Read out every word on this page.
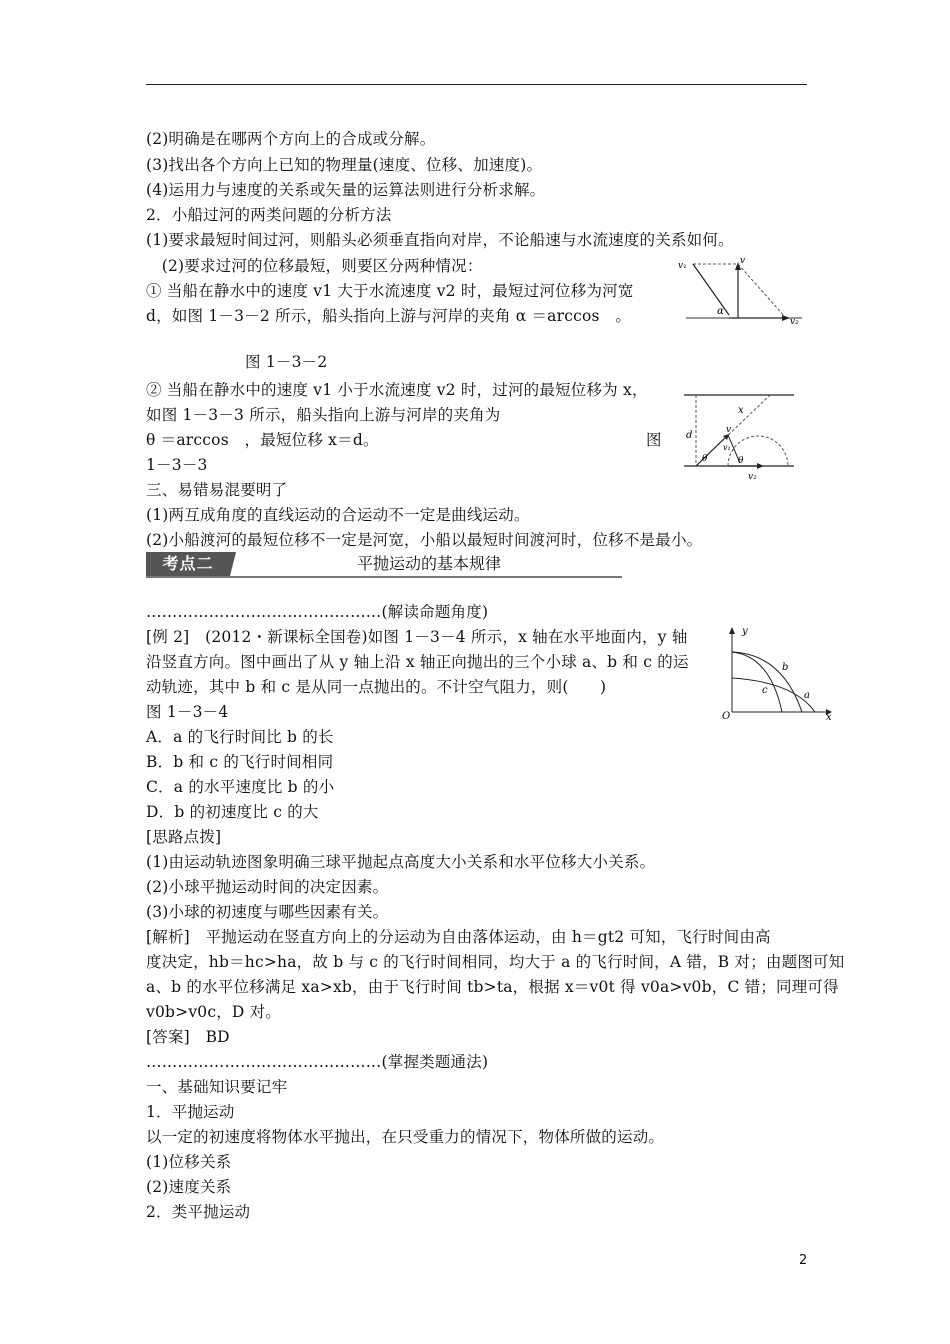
(2)明确是在哪两个方向上的合成或分解。
(3)找出各个方向上已知的物理量(速度、位移、加速度)。
(4)运用力与速度的关系或矢量的运算法则进行分析求解。
2．小船过河的两类问题的分析方法
(1)要求最短时间过河，则船头必须垂直指向对岸，不论船速与水流速度的关系如何。
　(2)要求过河的位移最短，则要区分两种情况：
① 当船在静水中的速度 v1 大于水流速度 v2 时，最短过河位移为河宽
d，如图 1－3－2 所示，船头指向上游与河岸的夹角 α ＝arccos　。
图 1－3－2
② 当船在静水中的速度 v1 小于水流速度 v2 时，过河的最短位移为 x，
如图 1－3－3 所示，船头指向上游与河岸的夹角为
θ ＝arccos　，最短位移 x＝d。	图
1－3－3
三、易错易混要明了
(1)两互成角度的直线运动的合运动不一定是曲线运动。
(2)小船渡河的最短位移不一定是河宽，小船以最短时间渡河时，位移不是最小。
考点二	平抛运动的基本规律
………………………………………(解读命题角度)
[例 2]　(2012・新课标全国卷)如图 1－3－4 所示，x 轴在水平地面内，y 轴
沿竖直方向。图中画出了从 y 轴上沿 x 轴正向抛出的三个小球 a、b 和 c 的运
动轨迹，其中 b 和 c 是从同一点抛出的。不计空气阻力，则(　　)
图 1－3－4
A．a 的飞行时间比 b 的长
B．b 和 c 的飞行时间相同
C．a 的水平速度比 b 的小
D．b 的初速度比 c 的大
[思路点拨]
(1)由运动轨迹图象明确三球平抛起点高度大小关系和水平位移大小关系。
(2)小球平抛运动时间的决定因素。
(3)小球的初速度与哪些因素有关。
[解析]　平抛运动在竖直方向上的分运动为自由落体运动，由 h＝gt2 可知，飞行时间由高
度决定，hb＝hc>ha，故 b 与 c 的飞行时间相同，均大于 a 的飞行时间，A 错，B 对；由题图可知
a、b 的水平位移满足 xa>xb，由于飞行时间 tb>ta，根据 x＝v0t 得 v0a>v0b，C 错；同理可得
v0b>v0c，D 对。
[答案]　BD
………………………………………(掌握类题通法)
一、基础知识要记牢
1．平抛运动
以一定的初速度将物体水平抛出，在只受重力的情况下，物体所做的运动。
(1)位移关系
(2)速度关系
2．类平抛运动
v₁	v
α
v₂
d
x
v
v₁
θ	θ
v₂
y
b
c	a
O	x
2
